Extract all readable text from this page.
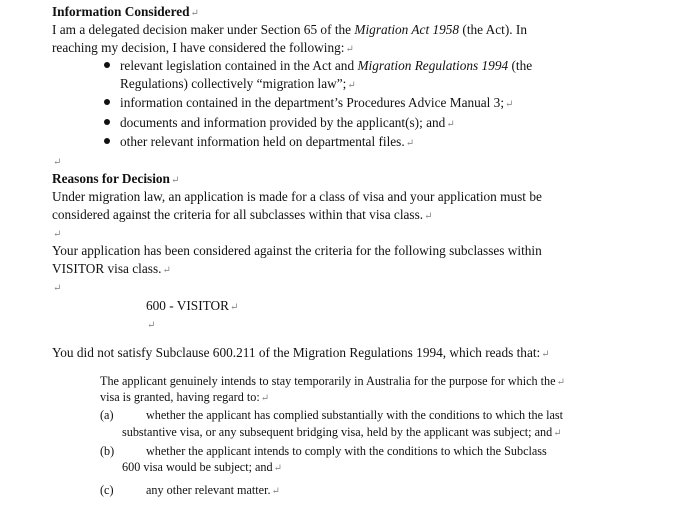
Information Considered↵
I am a delegated decision maker under Section 65 of the Migration Act 1958 (the Act). In
reaching my decision, I have considered the following:↵
relevant legislation contained in the Act and Migration Regulations 1994 (the
Regulations) collectively “migration law”;↵
information contained in the department’s Procedures Advice Manual 3;↵
documents and information provided by the applicant(s); and↵
other relevant information held on departmental files.↵
↵
Reasons for Decision↵
Under migration law, an application is made for a class of visa and your application must be
considered against the criteria for all subclasses within that visa class.↵
↵
Your application has been considered against the criteria for the following subclasses within
VISITOR visa class.↵
↵
600 - VISITOR↵
↵
You did not satisfy Subclause 600.211 of the Migration Regulations 1994, which reads that:↵
The applicant genuinely intends to stay temporarily in Australia for the purpose for which the↵
visa is granted, having regard to:↵
(a)	whether the applicant has complied substantially with the conditions to which the last
substantive visa, or any subsequent bridging visa, held by the applicant was subject; and↵
(b)	whether the applicant intends to comply with the conditions to which the Subclass
600 visa would be subject; and↵
(c)	any other relevant matter.↵
